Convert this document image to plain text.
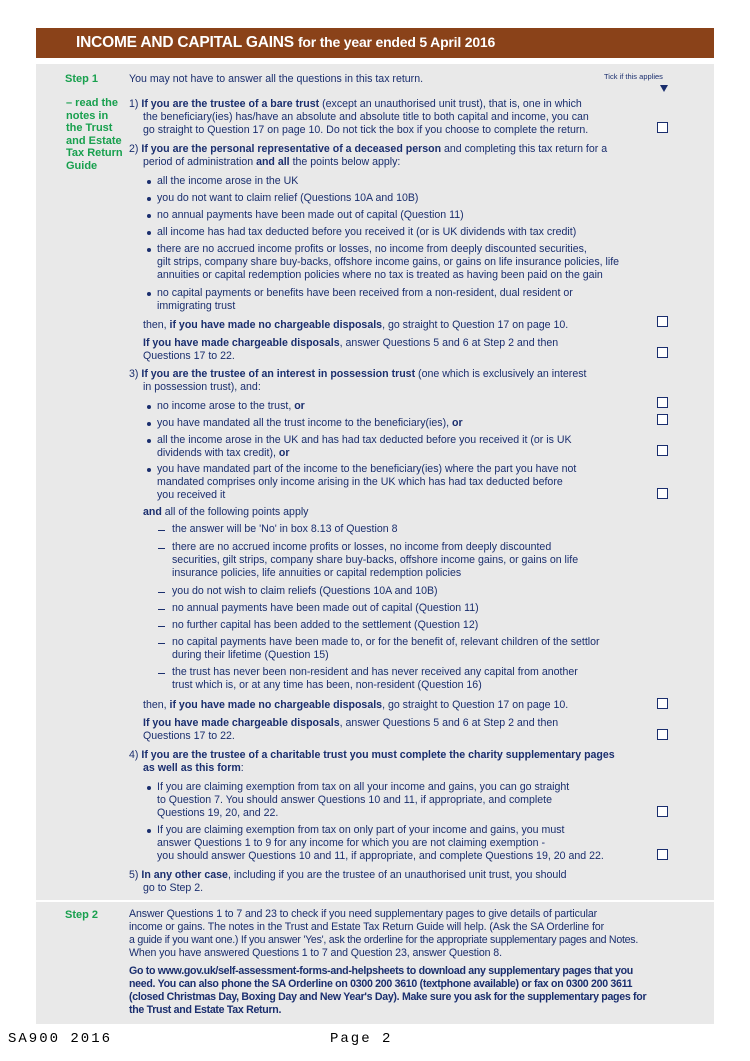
INCOME AND CAPITAL GAINS for the year ended 5 April 2016
Step 1
– read the
notes in
the Trust
and Estate
Tax Return
Guide
You may not have to answer all the questions in this tax return.	Tick if this applies
1) If you are the trustee of a bare trust (except an unauthorised unit trust), that is, one in which
the beneficiary(ies) has/have an absolute and absolute title to both capital and income, you can
go straight to Question 17 on page 10. Do not tick the box if you choose to complete the return.
2) If you are the personal representative of a deceased person and completing this tax return for a
period of administration and all the points below apply:
all the income arose in the UK
you do not want to claim relief (Questions 10A and 10B)
no annual payments have been made out of capital (Question 11)
all income has had tax deducted before you received it (or is UK dividends with tax credit)
there are no accrued income profits or losses, no income from deeply discounted securities,
gilt strips, company share buy-backs, offshore income gains, or gains on life insurance policies, life
annuities or capital redemption policies where no tax is treated as having been paid on the gain
no capital payments or benefits have been received from a non-resident, dual resident or
immigrating trust
then, if you have made no chargeable disposals, go straight to Question 17 on page 10.
If you have made chargeable disposals, answer Questions 5 and 6 at Step 2 and then
Questions 17 to 22.
3) If you are the trustee of an interest in possession trust (one which is exclusively an interest
in possession trust), and:
no income arose to the trust, or
you have mandated all the trust income to the beneficiary(ies), or
all the income arose in the UK and has had tax deducted before you received it (or is UK
dividends with tax credit), or
you have mandated part of the income to the beneficiary(ies) where the part you have not
mandated comprises only income arising in the UK which has had tax deducted before
you received it
and all of the following points apply
the answer will be 'No' in box 8.13 of Question 8
there are no accrued income profits or losses, no income from deeply discounted
securities, gilt strips, company share buy-backs, offshore income gains, or gains on life
insurance policies, life annuities or capital redemption policies
you do not wish to claim reliefs (Questions 10A and 10B)
no annual payments have been made out of capital (Question 11)
no further capital has been added to the settlement (Question 12)
no capital payments have been made to, or for the benefit of, relevant children of the settlor
during their lifetime (Question 15)
the trust has never been non-resident and has never received any capital from another
trust which is, or at any time has been, non-resident (Question 16)
then, if you have made no chargeable disposals, go straight to Question 17 on page 10.
If you have made chargeable disposals, answer Questions 5 and 6 at Step 2 and then
Questions 17 to 22.
4) If you are the trustee of a charitable trust you must complete the charity supplementary pages
as well as this form:
If you are claiming exemption from tax on all your income and gains, you can go straight
to Question 7. You should answer Questions 10 and 11, if appropriate, and complete
Questions 19, 20, and 22.
If you are claiming exemption from tax on only part of your income and gains, you must
answer Questions 1 to 9 for any income for which you are not claiming exemption -
you should answer Questions 10 and 11, if appropriate, and complete Questions 19, 20 and 22.
5) In any other case, including if you are the trustee of an unauthorised unit trust, you should
go to Step 2.
Step 2	Answer Questions 1 to 7 and 23 to check if you need supplementary pages to give details of particular
income or gains. The notes in the Trust and Estate Tax Return Guide will help. (Ask the SA Orderline for
a guide if you want one.) If you answer 'Yes', ask the orderline for the appropriate supplementary pages and Notes.
When you have answered Questions 1 to 7 and Question 23, answer Question 8.
Go to www.gov.uk/self-assessment-forms-and-helpsheets to download any supplementary pages that you
need. You can also phone the SA Orderline on 0300 200 3610 (textphone available) or fax on 0300 200 3611
(closed Christmas Day, Boxing Day and New Year's Day). Make sure you ask for the supplementary pages for
the Trust and Estate Tax Return.
SA900 2016	Page 2
